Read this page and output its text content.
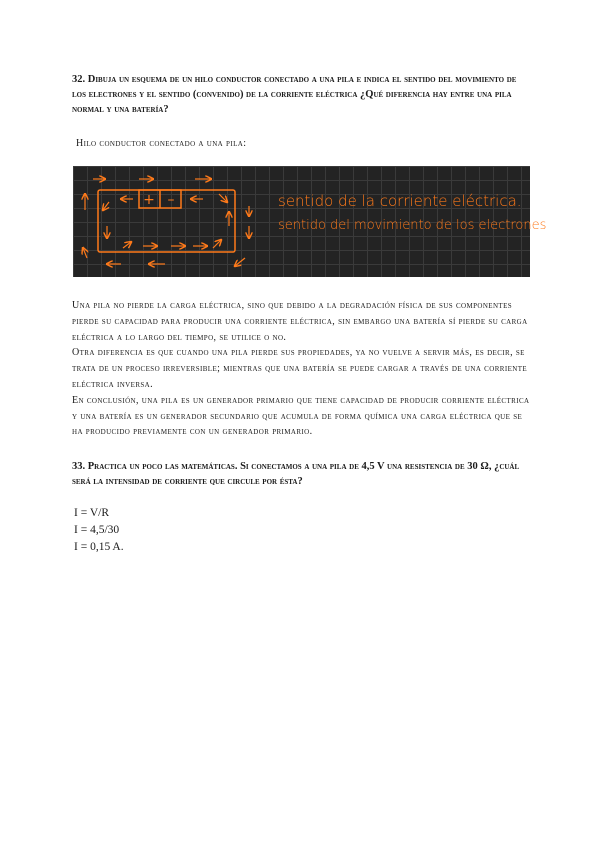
32. Dibuja un esquema de un hilo conductor conectado a una pila e indica el sentido del movimiento de los electrones y el sentido (convenido) de la corriente eléctrica ¿Qué diferencia hay entre una pila normal y una batería?
Hilo conductor conectado a una pila:
+ –	sentido de la corriente eléctrica.
sentido del movimiento de los electrones

Una pila no pierde la carga eléctrica, sino que debido a la degradación física de sus componentes pierde su capacidad para producir una corriente eléctrica, sin embargo una batería sí pierde su carga eléctrica a lo largo del tiempo, se utilice o no.

Otra diferencia es que cuando una pila pierde sus propiedades, ya no vuelve a servir más, es decir, se trata de un proceso irreversible; mientras que una batería se puede cargar a través de una corriente eléctrica inversa.

En conclusión, una pila es un generador primario que tiene capacidad de producir corriente eléctrica y una batería es un generador secundario que acumula de forma química una carga eléctrica que se ha producido previamente con un generador primario.

33. Practica un poco las matemáticas. Si conectamos a una pila de 4,5 V una resistencia de 30 Ω, ¿cuál será la intensidad de corriente que circule por ésta?
I = V/R
I = 4,5/30
I = 0,15 A.
